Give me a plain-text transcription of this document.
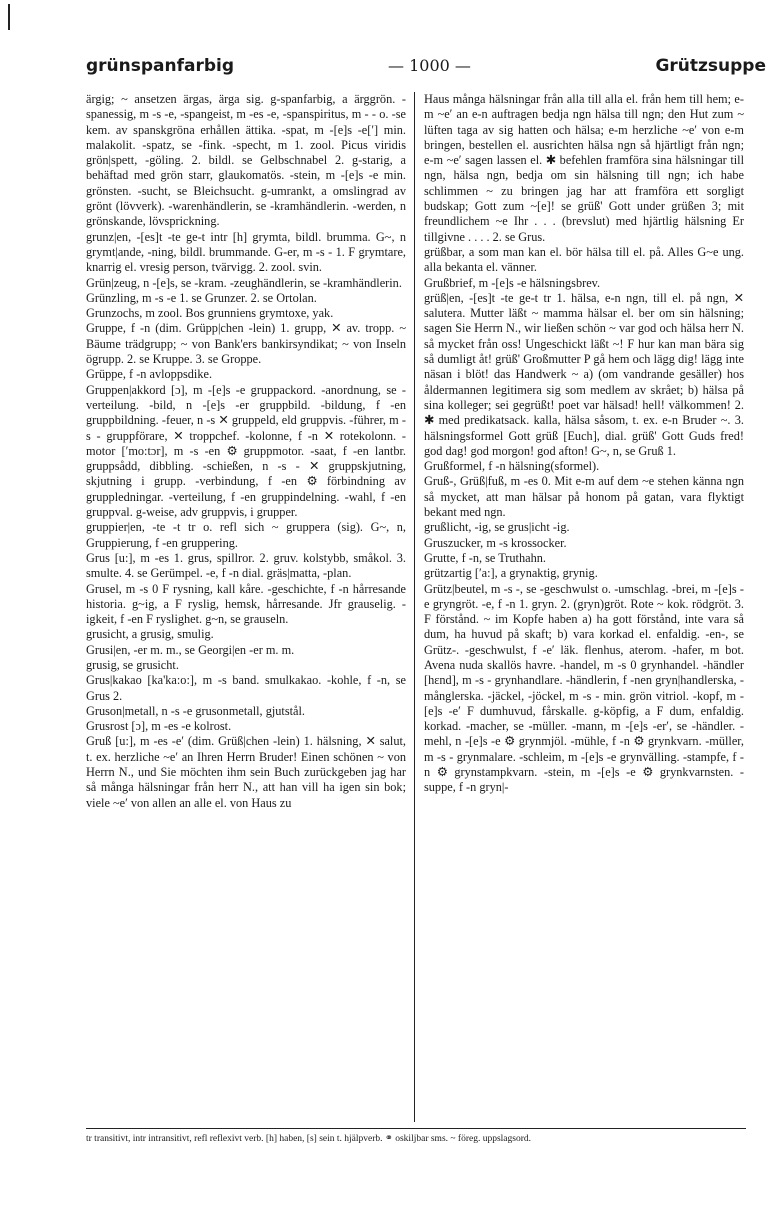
grünspanfarbig	— 1000 —	Grützsuppe

ärgig; ~ ansetzen ärgas, ärga sig. g-spanfarbig, a ärggrön. -spanessig, m -s -e, -spangeist, m -es -e, -spanspiritus, m - - o. -se kem. av spanskgröna erhållen ättika. -spat, m -[e]s -e[ʹ] min. malakolit. -spatz, se -fink. -specht, m 1. zool. Picus viridis grön|spett, -göling. 2. bildl. se Gelbschnabel 2. g-starig, a behäftad med grön starr, glaukomatös. -stein, m -[e]s -e min. grönsten. -sucht, se Bleichsucht. g-umrankt, a omslingrad av grönt (lövverk). -warenhändlerin, se -kramhändlerin. -werden, n grönskande, lövsprickning.

grunz|en, -[es]t -te ge-t intr [h] grymta, bildl. brumma. G~, n grymt|ande, -ning, bildl. brummande. G-er, m -s - 1. F grymtare, knarrig el. vresig person, tvärvigg. 2. zool. svin.

Grün|zeug, n -[e]s, se -kram. -zeughändlerin, se -kramhändlerin.

Grünzling, m -s -e 1. se Grunzer. 2. se Ortolan.

Grunzochs, m zool. Bos grunniens grymtoxe, yak.

Gruppe, f -n (dim. Grüpp|chen -lein) 1. grupp, ✕ av. tropp. ~ Bäume trädgrupp; ~ von Bank'ers bankirsyndikat; ~ von Inseln ögrupp. 2. se Kruppe. 3. se Groppe.

Grüppe, f -n avloppsdike.

Gruppen|akkord [ɔ], m -[e]s -e gruppackord. -anordnung, se -verteilung. -bild, n -[e]s -er gruppbild. -bildung, f -en gruppbildning. -feuer, n -s ✕ gruppeld, eld gruppvis. -führer, m -s - gruppförare, ✕ troppchef. -kolonne, f -n ✕ rotekolonn. -motor [ʹmo:tɔr], m -s -en ⚙ gruppmotor. -saat, f -en lantbr. gruppsådd, dibbling. -schießen, n -s - ✕ gruppskjutning, skjutning i grupp. -verbindung, f -en ⚙ förbindning av gruppledningar. -verteilung, f -en gruppindelning. -wahl, f -en gruppval. g-weise, adv gruppvis, i grupper.

gruppier|en, -te -t tr o. refl sich ~ gruppera (sig). G~, n, Gruppierung, f -en gruppering.

Grus [u:], m -es 1. grus, spillror. 2. gruv. kolstybb, småkol. 3. smulte. 4. se Gerümpel. -e, f -n dial. gräs|matta, -plan.

Grusel, m -s 0 F rysning, kall kåre. -geschichte, f -n hårresande historia. g~ig, a F ryslig, hemsk, hårresande. Jfr grauselig. -igkeit, f -en F ryslighet. g~n, se grauseln.

grusicht, a grusig, smulig.

Grusi|en, -er m. m., se Georgi|en -er m. m.

grusig, se grusicht.

Grus|kakao [ka'ka:o:], m -s band. smulkakao. -kohle, f -n, se Grus 2.

Gruson|metall, n -s -e grusonmetall, gjutstål.

Grusrost [ɔ], m -es -e kolrost.

Gruß [u:], m -es -eʹ (dim. Grüß|chen -lein) 1. hälsning, ✕ salut, t. ex. herzliche ~eʹ an Ihren Herrn Bruder! Einen schönen ~ von Herrn N., und Sie möchten ihm sein Buch zurückgeben jag har så många hälsningar från herr N., att han vill ha igen sin bok; viele ~eʹ von allen an alle el. von Haus zu

Haus många hälsningar från alla till alla el. från hem till hem; e-m ~eʹ an e-n auftragen bedja ngn hälsa till ngn; den Hut zum ~ lüften taga av sig hatten och hälsa; e-m herzliche ~eʹ von e-m bringen, bestellen el. ausrichten hälsa ngn så hjärtligt från ngn; e-m ~eʹ sagen lassen el. ✱ befehlen framföra sina hälsningar till ngn, hälsa ngn, bedja om sin hälsning till ngn; ich habe schlimmen ~ zu bringen jag har att framföra ett sorgligt budskap; Gott zum ~[e]! se grüß' Gott under grüßen 3; mit freundlichem ~e Ihr . . . (brevslut) med hjärtlig hälsning Er tillgivne . . . . 2. se Grus.

grüßbar, a som man kan el. bör hälsa till el. på. Alles G~e ung. alla bekanta el. vänner.

Grußbrief, m -[e]s -e hälsningsbrev.

grüß|en, -[es]t -te ge-t tr 1. hälsa, e-n ngn, till el. på ngn, ✕ salutera. Mutter läßt ~ mamma hälsar el. ber om sin hälsning; sagen Sie Herrn N., wir ließen schön ~ var god och hälsa herr N. så mycket från oss! Ungeschickt läßt ~! F hur kan man bära sig så dumligt åt! grüß' Großmutter P gå hem och lägg dig! lägg inte näsan i blöt! das Handwerk ~ a) (om vandrande gesäller) hos åldermannen legitimera sig som medlem av skrået; b) hälsa på sina kolleger; sei gegrüßt! poet var hälsad! hell! välkommen! 2. ✱ med predikatsack. kalla, hälsa såsom, t. ex. e-n Bruder ~. 3. hälsningsformel Gott grüß [Euch], dial. grüß' Gott Guds fred! god dag! god morgon! god afton! G~, n, se Gruß 1.

Grußformel, f -n hälsning(sformel).

Gruß-, Grüß|fuß, m -es 0. Mit e-m auf dem ~e stehen känna ngn så mycket, att man hälsar på honom på gatan, vara flyktigt bekant med ngn.

grußlicht, -ig, se grus|icht -ig.

Gruszucker, m -s krossocker.

Grutte, f -n, se Truthahn.

grützartig [ʹa:], a grynaktig, grynig.

Grütz|beutel, m -s -, se -geschwulst o. -umschlag. -brei, m -[e]s -e gryngröt. -e, f -n 1. gryn. 2. (gryn)gröt. Rote ~ kok. rödgröt. 3. F förstånd. ~ im Kopfe haben a) ha gott förstånd, inte vara så dum, ha huvud på skaft; b) vara korkad el. enfaldig. -en-, se Grütz-. -geschwulst, f -eʹ läk. flenhus, aterom. -hafer, m bot. Avena nuda skallös havre. -handel, m -s 0 grynhandel. -händler [hɛnd], m -s - grynhandlare. -händlerin, f -nen gryn|handlerska, -månglerska. -jäckel, -jöckel, m -s - min. grön vitriol. -kopf, m -[e]s -eʹ F dumhuvud, fårskalle. g-köpfig, a F dum, enfaldig. korkad. -macher, se -müller. -mann, m -[e]s -erʹ, se -händler. -mehl, n -[e]s -e ⚙ grynmjöl. -mühle, f -n ⚙ grynkvarn. -müller, m -s - grynmalare. -schleim, m -[e]s -e grynvälling. -stampfe, f -n ⚙ grynstampkvarn. -stein, m -[e]s -e ⚙ grynkvarnsten. -suppe, f -n gryn|-

tr transitivt, intr intransitivt, refl reflexivt verb. [h] haben, [s] sein t. hjälpverb. ⚭ oskiljbar sms. ~ föreg. uppslagsord.
